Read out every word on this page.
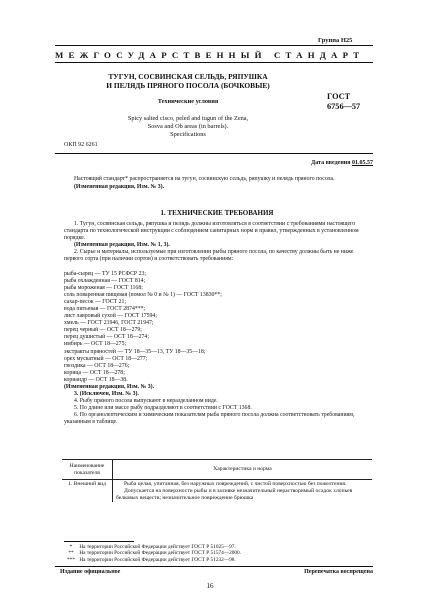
Группа Н25
МЕЖГОСУДАРСТВЕННЫЙ СТАНДАРТ
ТУГУН, СОСВИНСКАЯ СЕЛЬДЬ, РЯПУШКА
И ПЕЛЯДЬ ПРЯНОГО ПОСОЛА (БОЧКОВЫЕ)
Технические условия
Spicy salted cisco, peled and tugun of the Zena,
Sosva and Ob areas (in barrels).
Specifications
ГОСТ
6756—57
ОКП 92 6261
Дата введения 01.05.57

Настоящий стандарт* распространяется на тугун, сосвинскую сельдь, ряпушку и пелядь пряного посола.

(Измененная редакция, Изм. № 3).

1. ТЕХНИЧЕСКИЕ ТРЕБОВАНИЯ

1. Тугун, сосвинская сельдь, ряпушка и пелядь должны изготовляться в соответствии с требованиями настоящего стандарта по технологической инструкции с соблюдением санитарных норм и правил, утвержденных в установленном порядке.

(Измененная редакция, Изм. № 1, 3).

2. Сырье и материалы, используемые при изготовлении рыбы пряного посола, по качеству должны быть не ниже первого сорта (при наличии сортов) и соответствовать требованиям:

рыба-сырец — ТУ 15 РСФСР 23;
рыба охлажденная — ГОСТ 814;
рыба мороженая — ГОСТ 1168;
соль поваренная пищевая (помол № 0 и № 1) — ГОСТ 13830**;
сахар-песок — ГОСТ 21;
вода питьевая — ГОСТ 2874***;
лист лавровый сухой — ГОСТ 17594;
хмель — ГОСТ 21946, ГОСТ 21947;
перец черный — ОСТ 18—279;
перец душистый — ОСТ 18—274;
имбирь — ОСТ 18—275;
экстракты пряностей — ТУ 18—35—13, ТУ 18—35—18;
орех мускатный — ОСТ 18—277;
гвоздика — ОСТ 18—276;
корица — ОСТ 18—278;
кориандр — ОСТ 18—38.

(Измененная редакция, Изм. № 3).

3. (Исключен, Изм. № 3).

4. Рыбу пряного посола выпускают в неразделанном виде.

5. По длине или массе рыбу подразделяют в соответствии с ГОСТ 1368.

6. По органолептическим и химическим показателям рыба пряного посола должна соответствовать требованиям, указанным в таблице.

Наименование показателя	Характеристика и норма
1. Внешний вид	Рыба целая, упитанная, без наружных повреждений, с чистой поверхностью без пожелтения.

Допускается на поверхности рыбы и в заливке незначительный нерастворимый осадок хлопьев белковых веществ; незначительное повреждение брюшка

* На территории Российской Федерации действует ГОСТ Р 51025—97.
** На территории Российской Федерации действует ГОСТ Р 51574—2000.
*** На территории Российской Федерации действует ГОСТ Р 51232—98.
Издание официальное	Перепечатка воспрещена
16
